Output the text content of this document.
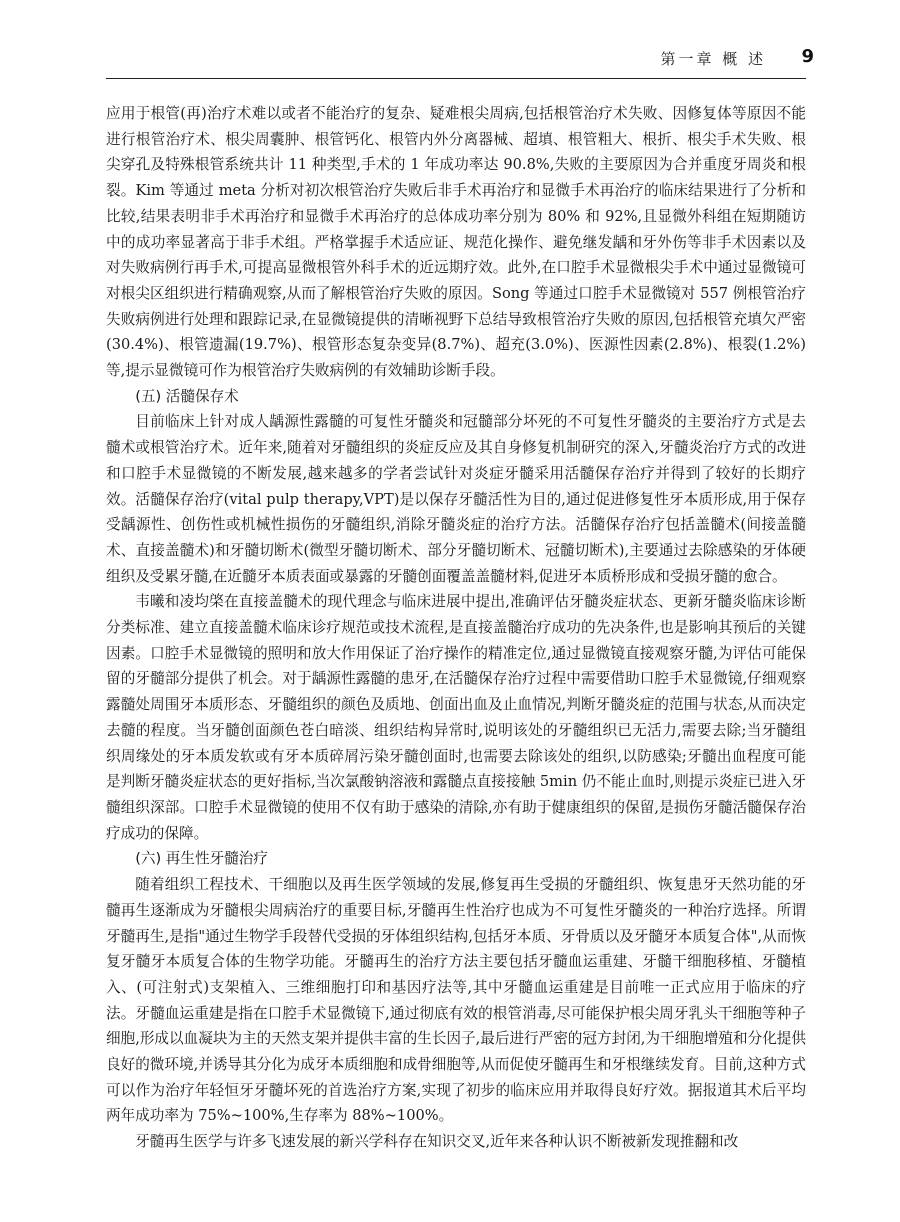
第一章 概 述 9

应用于根管(再)治疗术难以或者不能治疗的复杂、疑难根尖周病,包括根管治疗术失败、因修复体等原因不能进行根管治疗术、根尖周囊肿、根管钙化、根管内外分离器械、超填、根管粗大、根折、根尖手术失败、根尖穿孔及特殊根管系统共计 11 种类型,手术的 1 年成功率达 90.8%,失败的主要原因为合并重度牙周炎和根裂。Kim 等通过 meta 分析对初次根管治疗失败后非手术再治疗和显微手术再治疗的临床结果进行了分析和比较,结果表明非手术再治疗和显微手术再治疗的总体成功率分别为 80% 和 92%,且显微外科组在短期随访中的成功率显著高于非手术组。严格掌握手术适应证、规范化操作、避免继发龋和牙外伤等非手术因素以及对失败病例行再手术,可提高显微根管外科手术的近远期疗效。此外,在口腔手术显微根尖手术中通过显微镜可对根尖区组织进行精确观察,从而了解根管治疗失败的原因。Song 等通过口腔手术显微镜对 557 例根管治疗失败病例进行处理和跟踪记录,在显微镜提供的清晰视野下总结导致根管治疗失败的原因,包括根管充填欠严密(30.4%)、根管遗漏(19.7%)、根管形态复杂变异(8.7%)、超充(3.0%)、医源性因素(2.8%)、根裂(1.2%)等,提示显微镜可作为根管治疗失败病例的有效辅助诊断手段。

(五) 活髓保存术

目前临床上针对成人龋源性露髓的可复性牙髓炎和冠髓部分坏死的不可复性牙髓炎的主要治疗方式是去髓术或根管治疗术。近年来,随着对牙髓组织的炎症反应及其自身修复机制研究的深入,牙髓炎治疗方式的改进和口腔手术显微镜的不断发展,越来越多的学者尝试针对炎症牙髓采用活髓保存治疗并得到了较好的长期疗效。活髓保存治疗(vital pulp therapy,VPT)是以保存牙髓活性为目的,通过促进修复性牙本质形成,用于保存受龋源性、创伤性或机械性损伤的牙髓组织,消除牙髓炎症的治疗方法。活髓保存治疗包括盖髓术(间接盖髓术、直接盖髓术)和牙髓切断术(微型牙髓切断术、部分牙髓切断术、冠髓切断术),主要通过去除感染的牙体硬组织及受累牙髓,在近髓牙本质表面或暴露的牙髓创面覆盖盖髓材料,促进牙本质桥形成和受损牙髓的愈合。

韦曦和凌均棨在直接盖髓术的现代理念与临床进展中提出,准确评估牙髓炎症状态、更新牙髓炎临床诊断分类标准、建立直接盖髓术临床诊疗规范或技术流程,是直接盖髓治疗成功的先决条件,也是影响其预后的关键因素。口腔手术显微镜的照明和放大作用保证了治疗操作的精准定位,通过显微镜直接观察牙髓,为评估可能保留的牙髓部分提供了机会。对于龋源性露髓的患牙,在活髓保存治疗过程中需要借助口腔手术显微镜,仔细观察露髓处周围牙本质形态、牙髓组织的颜色及质地、创面出血及止血情况,判断牙髓炎症的范围与状态,从而决定去髓的程度。当牙髓创面颜色苍白暗淡、组织结构异常时,说明该处的牙髓组织已无活力,需要去除;当牙髓组织周缘处的牙本质发软或有牙本质碎屑污染牙髓创面时,也需要去除该处的组织,以防感染;牙髓出血程度可能是判断牙髓炎症状态的更好指标,当次氯酸钠溶液和露髓点直接接触 5min 仍不能止血时,则提示炎症已进入牙髓组织深部。口腔手术显微镜的使用不仅有助于感染的清除,亦有助于健康组织的保留,是损伤牙髓活髓保存治疗成功的保障。

(六) 再生性牙髓治疗

随着组织工程技术、干细胞以及再生医学领域的发展,修复再生受损的牙髓组织、恢复患牙天然功能的牙髓再生逐渐成为牙髓根尖周病治疗的重要目标,牙髓再生性治疗也成为不可复性牙髓炎的一种治疗选择。所谓牙髓再生,是指"通过生物学手段替代受损的牙体组织结构,包括牙本质、牙骨质以及牙髓牙本质复合体",从而恢复牙髓牙本质复合体的生物学功能。牙髓再生的治疗方法主要包括牙髓血运重建、牙髓干细胞移植、牙髓植入、(可注射式)支架植入、三维细胞打印和基因疗法等,其中牙髓血运重建是目前唯一正式应用于临床的疗法。牙髓血运重建是指在口腔手术显微镜下,通过彻底有效的根管消毒,尽可能保护根尖周牙乳头干细胞等种子细胞,形成以血凝块为主的天然支架并提供丰富的生长因子,最后进行严密的冠方封闭,为干细胞增殖和分化提供良好的微环境,并诱导其分化为成牙本质细胞和成骨细胞等,从而促使牙髓再生和牙根继续发育。目前,这种方式可以作为治疗年轻恒牙牙髓坏死的首选治疗方案,实现了初步的临床应用并取得良好疗效。据报道其术后平均两年成功率为 75%~100%,生存率为 88%~100%。

牙髓再生医学与许多飞速发展的新兴学科存在知识交叉,近年来各种认识不断被新发现推翻和改
